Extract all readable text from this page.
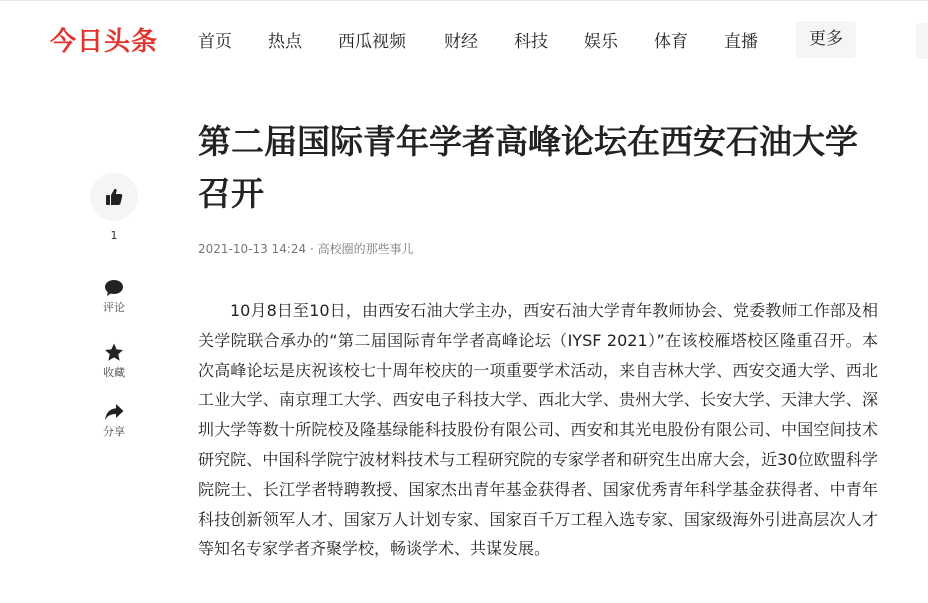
今日头条 首页 热点 西瓜视频 财经 科技 娱乐 体育 直播	更多
1
评论
收藏
分享
第二届国际青年学者高峰论坛在西安石油大学召开
2021-10-13 14:24 · 高校圈的那些事儿

10月8日至10日，由西安石油大学主办，西安石油大学青年教师协会、党委教师工作部及相关学院联合承办的“第二届国际青年学者高峰论坛（IYSF 2021）”在该校雁塔校区隆重召开。本次高峰论坛是庆祝该校七十周年校庆的一项重要学术活动，来自吉林大学、西安交通大学、西北工业大学、南京理工大学、西安电子科技大学、西北大学、贵州大学、长安大学、天津大学、深圳大学等数十所院校及隆基绿能科技股份有限公司、西安和其光电股份有限公司、中国空间技术研究院、中国科学院宁波材料技术与工程研究院的专家学者和研究生出席大会，近30位欧盟科学院院士、长江学者特聘教授、国家杰出青年基金获得者、国家优秀青年科学基金获得者、中青年科技创新领军人才、国家万人计划专家、国家百千万工程入选专家、国家级海外引进高层次人才等知名专家学者齐聚学校，畅谈学术、共谋发展。
